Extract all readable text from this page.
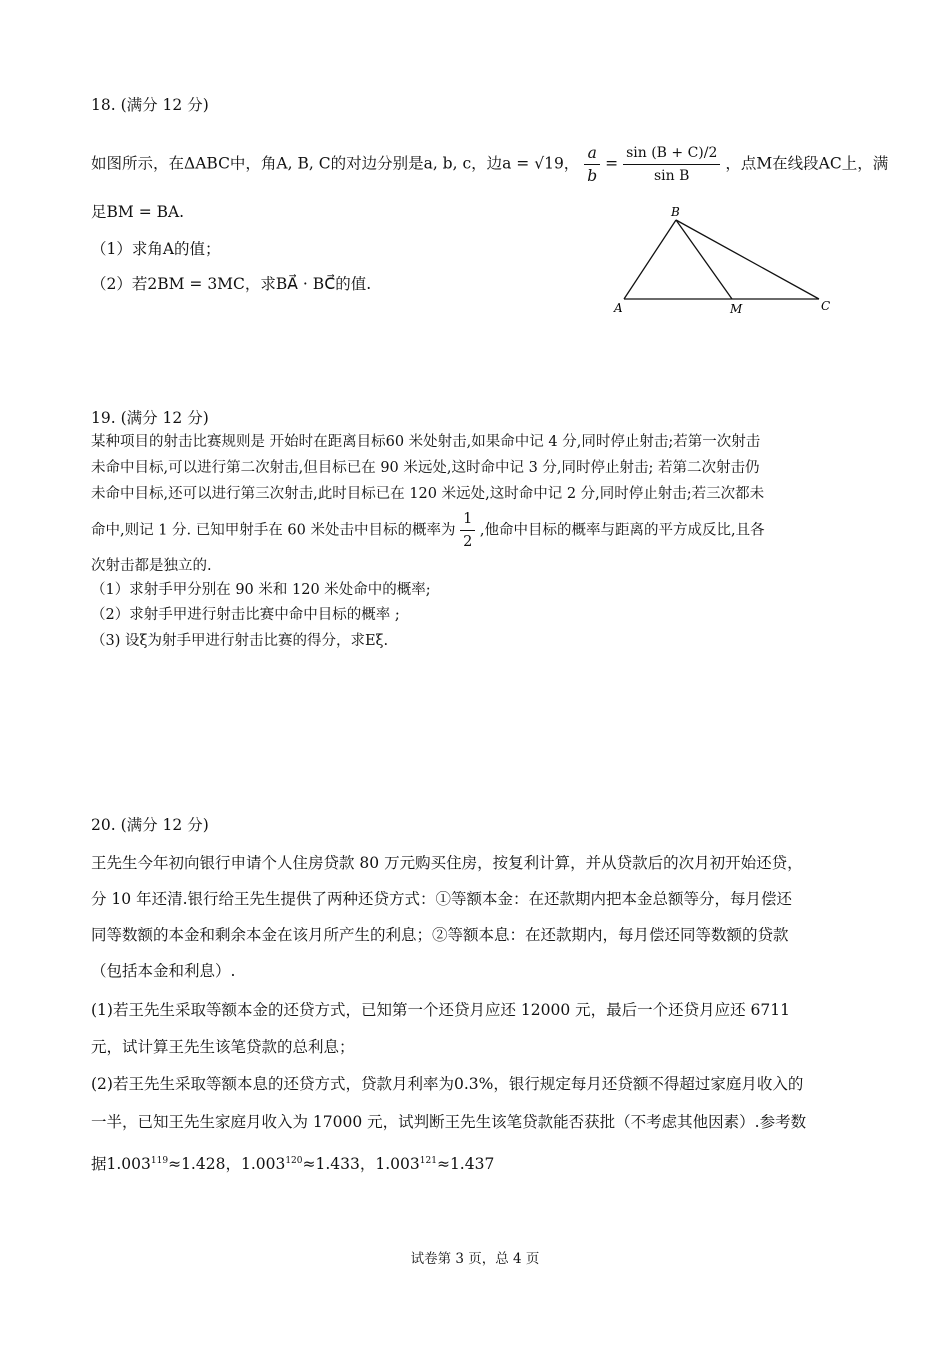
18. (满分 12 分)
如图所示，在ΔABC中，角A, B, C的对边分别是a, b, c，边a = √19， $\frac{a}{b} = \frac{\sin (B + C)/2}{\text{sin B}}$ ，点M在线段AC上，满
足BM = BA.
（1）求角A的值；
（2）若2BM = 3MC，求BA⃗ · BC⃗的值.
B
A	M	C
19. (满分 12 分)
某种项目的射击比赛规则是 开始时在距离目标60 米处射击,如果命中记 4 分,同时停止射击;若第一次射击
未命中目标,可以进行第二次射击,但目标已在 90 米远处,这时命中记 3 分,同时停止射击; 若第二次射击仍
未命中目标,还可以进行第三次射击,此时目标已在 120 米远处,这时命中记 2 分,同时停止射击;若三次都未
命中,则记 1 分. 已知甲射手在 60 米处击中目标的概率为 $\frac{1}{2}$ ,他命中目标的概率与距离的平方成反比,且各
次射击都是独立的.
（1）求射手甲分别在 90 米和 120 米处命中的概率;
（2）求射手甲进行射击比赛中命中目标的概率 ;
（3) 设ξ为射手甲进行射击比赛的得分，求Eξ.
20. (满分 12 分)
王先生今年初向银行申请个人住房贷款 80 万元购买住房，按复利计算，并从贷款后的次月初开始还贷，
分 10 年还清.银行给王先生提供了两种还贷方式：①等额本金：在还款期内把本金总额等分，每月偿还
同等数额的本金和剩余本金在该月所产生的利息；②等额本息：在还款期内，每月偿还同等数额的贷款
（包括本金和利息）.
(1)若王先生采取等额本金的还贷方式，已知第一个还贷月应还 12000 元，最后一个还贷月应还 6711
元，试计算王先生该笔贷款的总利息；
(2)若王先生采取等额本息的还贷方式，贷款月利率为0.3%，银行规定每月还贷额不得超过家庭月收入的
一半，已知王先生家庭月收入为 17000 元，试判断王先生该笔贷款能否获批（不考虑其他因素）.参考数
据$1.003^{119}\approx 1.428$，$1.003^{120}\approx 1.433$，$1.003^{121}\approx 1.437$
试卷第 3 页，总 4 页
